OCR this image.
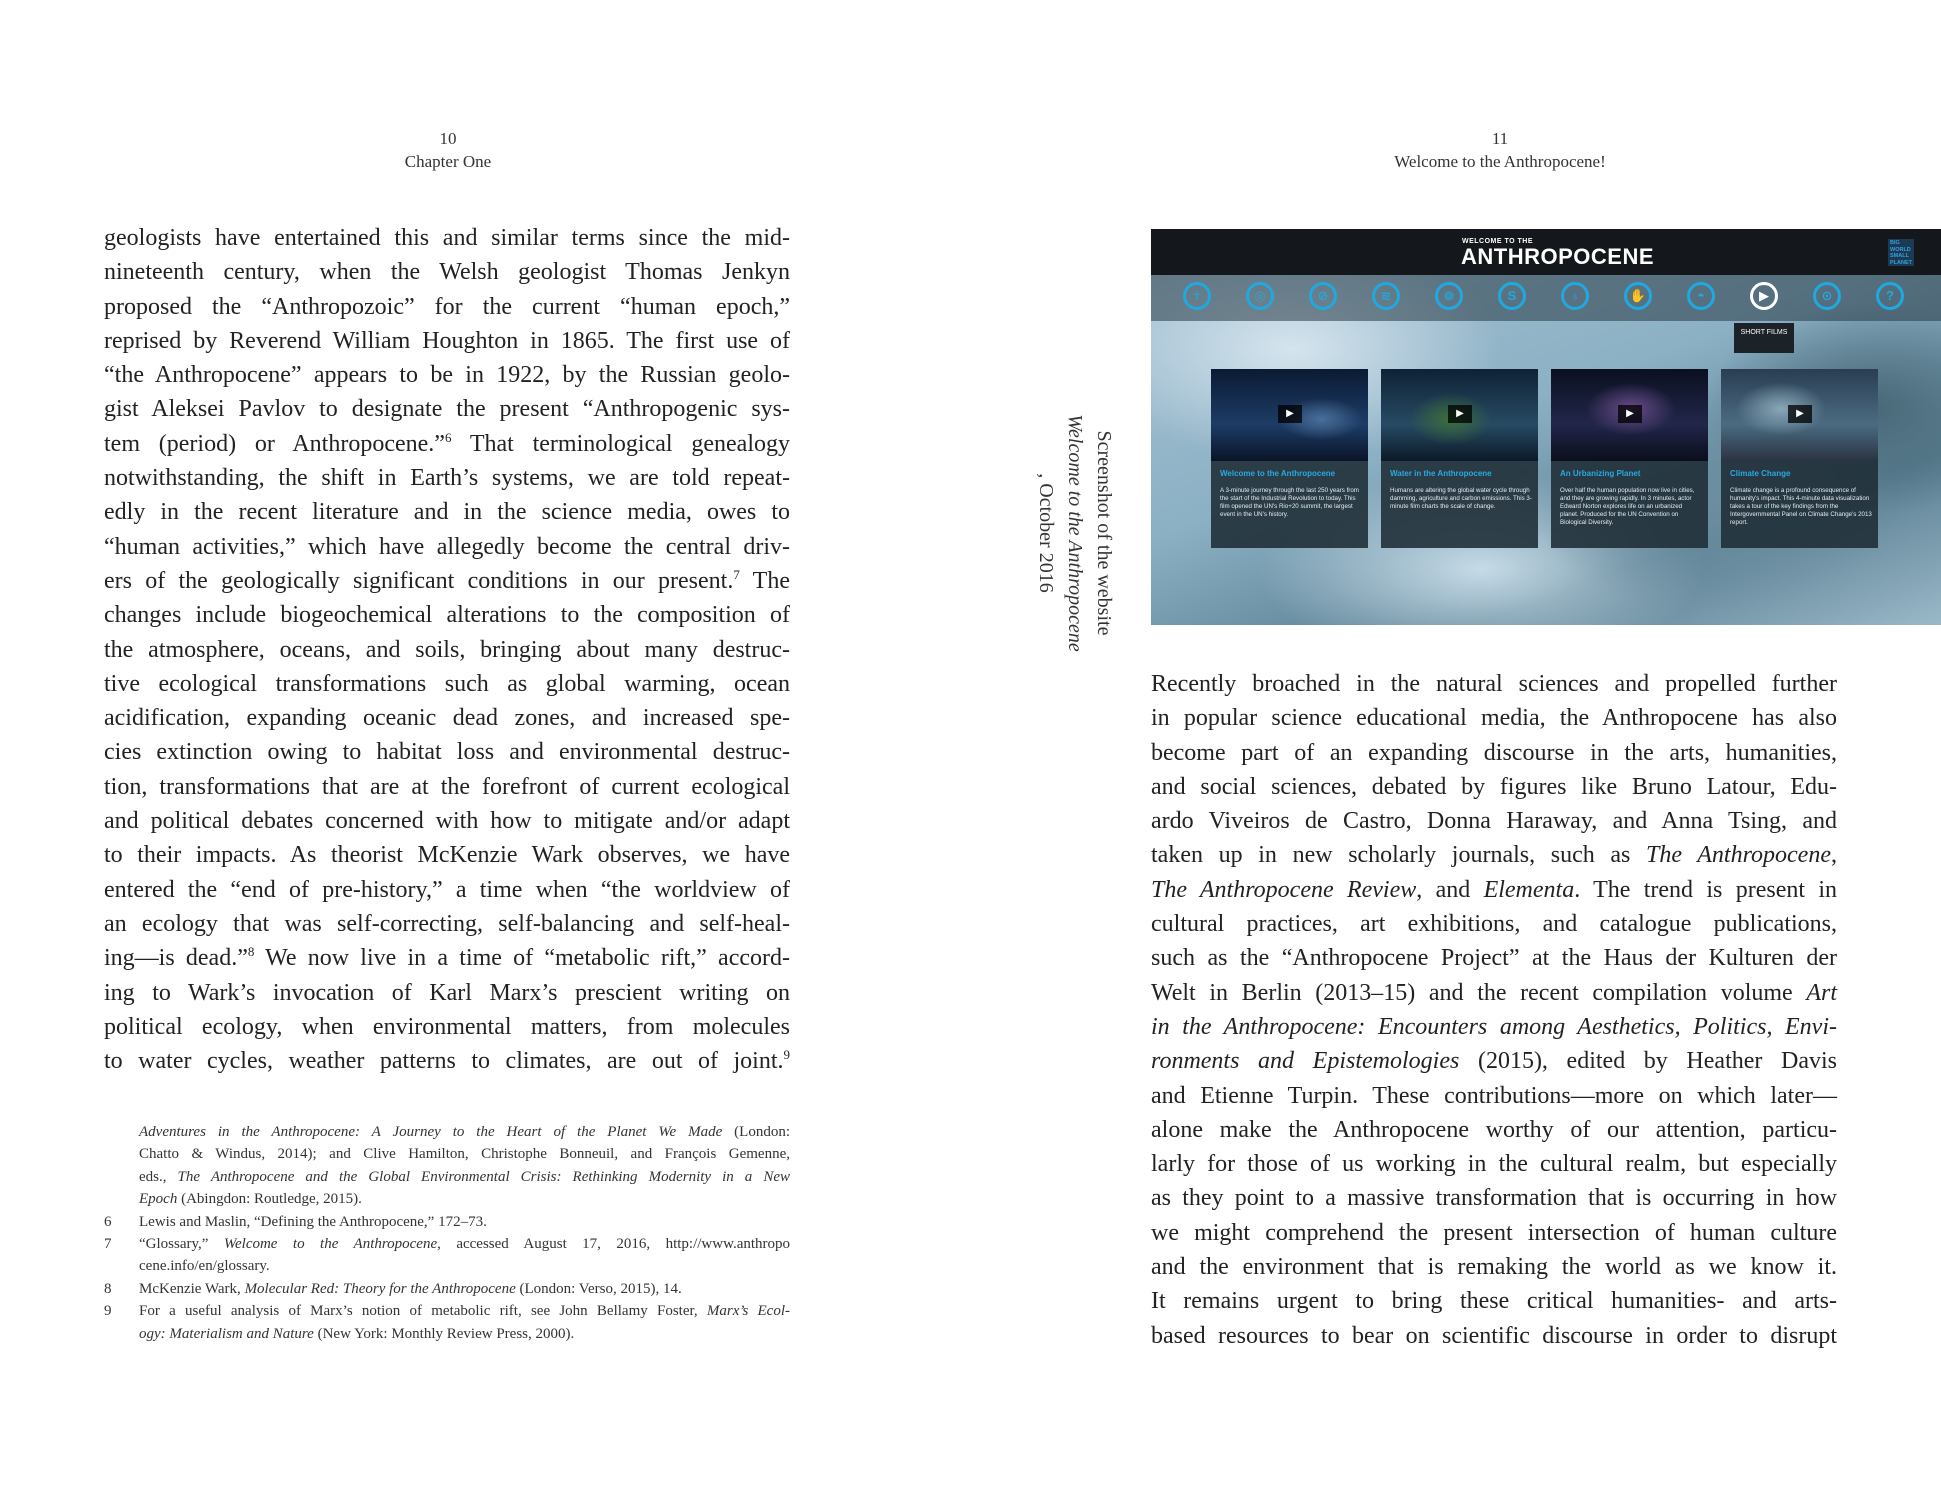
10
Chapter One
geologists have entertained this and similar terms since the mid-
nineteenth century, when the Welsh geologist Thomas Jenkyn
proposed the “Anthropozoic” for the current “human epoch,”
reprised by Reverend William Houghton in 1865. The first use of
“the Anthropocene” appears to be in 1922, by the Russian geolo-
gist Aleksei Pavlov to designate the present “Anthropogenic sys-
tem (period) or Anthropocene.”$^6$ That terminological genealogy
notwithstanding, the shift in Earth’s systems, we are told repeat-
edly in the recent literature and in the science media, owes to
“human activities,” which have allegedly become the central driv-
ers of the geologically significant conditions in our present.$^7$ The
changes include biogeochemical alterations to the composition of
the atmosphere, oceans, and soils, bringing about many destruc-
tive ecological transformations such as global warming, ocean
acidification, expanding oceanic dead zones, and increased spe-
cies extinction owing to habitat loss and environmental destruc-
tion, transformations that are at the forefront of current ecological
and political debates concerned with how to mitigate and/or adapt
to their impacts. As theorist McKenzie Wark observes, we have
entered the “end of pre-history,” a time when “the worldview of
an ecology that was self-correcting, self-balancing and self-heal-
ing—is dead.”$^8$ We now live in a time of “metabolic rift,” accord-
ing to Wark’s invocation of Karl Marx’s prescient writing on
political ecology, when environmental matters, from molecules
to water cycles, weather patterns to climates, are out of joint.$^9$
Adventures in the Anthropocene: A Journey to the Heart of the Planet We Made (London:
Chatto & Windus, 2014); and Clive Hamilton, Christophe Bonneuil, and François Gemenne,
eds., The Anthropocene and the Global Environmental Crisis: Rethinking Modernity in a New
Epoch (Abingdon: Routledge, 2015).
6 Lewis and Maslin, “Defining the Anthropocene,” 172–73.
7 “Glossary,” Welcome to the Anthropocene, accessed August 17, 2016, http://www.anthropo
cene.info/en/glossary.
8 McKenzie Wark, Molecular Red: Theory for the Anthropocene (London: Verso, 2015), 14.
9 For a useful analysis of Marx’s notion of metabolic rift, see John Bellamy Foster, Marx’s Ecol-
ogy: Materialism and Nature (New York: Monthly Review Press, 2000).
11
Welcome to the Anthropocene!
Screenshot of the website
Welcome to the Anthropocene
, October 2016
WELCOME TO THE
ANTHROPOCENE
BIG WORLD SMALL PLANET
☥	◎	⊘	≋	⊚	S	♁	✋	◓	▶	⊙	?
SHORT FILMS
▶
Welcome to the Anthropocene
A 3-minute journey through the last 250 years from the start of the Industrial Revolution to today. This film opened the UN's Rio+20 summit, the largest event in the UN's history.
▶
Water in the Anthropocene
Humans are altering the global water cycle through damming, agriculture and carbon emissions. This 3-minute film charts the scale of change.
▶
An Urbanizing Planet
Over half the human population now live in cities, and they are growing rapidly. In 3 minutes, actor Edward Norton explores life on an urbanized planet. Produced for the UN Convention on Biological Diversity.
▶
Climate Change
Climate change is a profound consequence of humanity's impact. This 4-minute data visualization takes a tour of the key findings from the Intergovernmental Panel on Climate Change's 2013 report.
Recently broached in the natural sciences and propelled further
in popular science educational media, the Anthropocene has also
become part of an expanding discourse in the arts, humanities,
and social sciences, debated by figures like Bruno Latour, Edu-
ardo Viveiros de Castro, Donna Haraway, and Anna Tsing, and
taken up in new scholarly journals, such as The Anthropocene,
The Anthropocene Review, and Elementa. The trend is present in
cultural practices, art exhibitions, and catalogue publications,
such as the “Anthropocene Project” at the Haus der Kulturen der
Welt in Berlin (2013–15) and the recent compilation volume Art
in the Anthropocene: Encounters among Aesthetics, Politics, Envi-
ronments and Epistemologies (2015), edited by Heather Davis
and Etienne Turpin. These contributions—more on which later—
alone make the Anthropocene worthy of our attention, particu-
larly for those of us working in the cultural realm, but especially
as they point to a massive transformation that is occurring in how
we might comprehend the present intersection of human culture
and the environment that is remaking the world as we know it.
It remains urgent to bring these critical humanities- and arts-
based resources to bear on scientific discourse in order to disrupt
